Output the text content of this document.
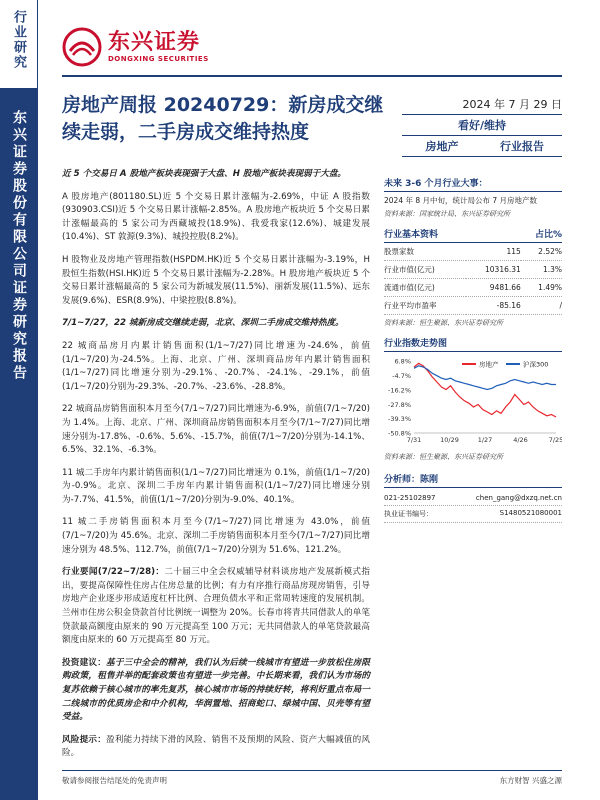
行业研究
东兴证券股份有限公司证券研究报告
东兴证券
DONGXING SECURITIES
房地产周报 20240729：新房成交继续走弱，二手房成交维持热度
2024 年 7 月 29 日
看好/维持
房地产	行业报告

近 5 个交易日 A 股地产板块表现强于大盘、H 股地产板块表现弱于大盘。

A 股房地产(801180.SL)近 5 个交易日累计涨幅为-2.69%，中证 A 股指数(930903.CSI)近 5 个交易日累计涨幅-2.85%。A 股房地产板块近 5 个交易日累计涨幅最高的 5 家公司为西藏城投(18.9%)、我爱我家(12.6%)、城建发展(10.4%)、ST 敦源(9.3%)、城投控股(8.2%)。

H 股物业及房地产管理指数(HSPDM.HK)近 5 个交易日累计涨幅为-3.19%，H 股恒生指数(HSI.HK)近 5 个交易日累计涨幅为-2.28%。H 股房地产板块近 5 个交易日累计涨幅最高的 5 家公司为新城发展(11.5%)、丽新发展(11.5%)、远东发展(9.6%)、ESR(8.9%)、中梁控股(8.8%)。

7/1~7/27，22 城新房成交继续走弱，北京、深圳二手房成交维持热度。

22 城商品房月内累计销售面积(1/1~7/27)同比增速为-24.6%，前值(1/1~7/20)为-24.5%。上海、北京、广州、深圳商品房年内累计销售面积(1/1~7/27)同比增速分别为-29.1%、-20.7%、-24.1%、-29.1%，前值(1/1~7/20)分别为-29.3%、-20.7%、-23.6%、-28.8%。

22 城商品房销售面积本月至今(7/1~7/27)同比增速为-6.9%，前值(7/1~7/20)为 1.4%。上海、北京、广州、深圳商品房销售面积本月至今(7/1~7/27)同比增速分别为-17.8%、-0.6%、5.6%、-15.7%，前值(7/1~7/20)分别为-14.1%、6.5%、32.1%、-6.3%。

11 城二手房年内累计销售面积(1/1~7/27)同比增速为 0.1%，前值(1/1~7/20)为-0.9%。北京、深圳二手房年内累计销售面积(1/1~7/27)同比增速分别为-7.7%、41.5%，前值(1/1~7/20)分别为-9.0%、40.1%。

11 城二手房销售面积本月至今(7/1~7/27)同比增速为 43.0%，前值(7/1~7/20)为 45.6%。北京、深圳二手房销售面积本月至今(7/1~7/27)同比增速分别为 48.5%、112.7%，前值(7/1~7/20)分别为 51.6%、121.2%。

行业要闻(7/22~7/28)：二十届三中全会权威辅导材料谈房地产发展新模式指出，要提高保障性住房占住房总量的比例；有力有序推行商品房现房销售，引导房地产企业逐步形成适度杠杆比例、合理负债水平和正常周转速度的发展机制。兰州市住房公积金贷款首付比例统一调整为 20%。长春市将青共同借款人的单笔贷款最高额度由原来的 90 万元提高至 100 万元；无共同借款人的单笔贷款最高额度由原来的 60 万元提高至 80 万元。

投资建议：基于三中全会的精神，我们认为后续一线城市有望进一步放松住房限购政策，租售并举的配套政策也有望进一步完善。中长期来看，我们认为市场的复苏依赖于核心城市的率先复苏，核心城市市场的持续好转，将利好重点布局一二线城市的优质房企和中介机构，华润置地、招商蛇口、绿城中国、贝壳等有望受益。

风险提示：盈利能力持续下滑的风险、销售不及预期的风险、资产大幅减值的风险。

未来 3-6 个月行业大事：
2024 年 8 月中旬，统计局公布 7 月房地产数
资料来源：国家统计局、东兴证券研究所
行业基本资料		占比%
股票家数	115	2.52%
行业市值(亿元)	10316.31	1.3%
流通市值(亿元)	9481.66	1.49%
行业平均市盈率	-85.16	/
资料来源：恒生聚源、东兴证券研究所
行业指数走势图
6.8%
-4.7%
-16.2%
-27.8%
-39.3%
-50.8%
7/31	10/29	1/27	4/26	7/25
房地产	沪深300
资料来源：恒生聚源、东兴证券研究所
分析师：陈刚
021-25102897	chen_gang@dxzq.net.cn
执业证书编号：	S1480521080001
敬请参阅报告结尾处的免责声明	东方财智 兴盛之源
